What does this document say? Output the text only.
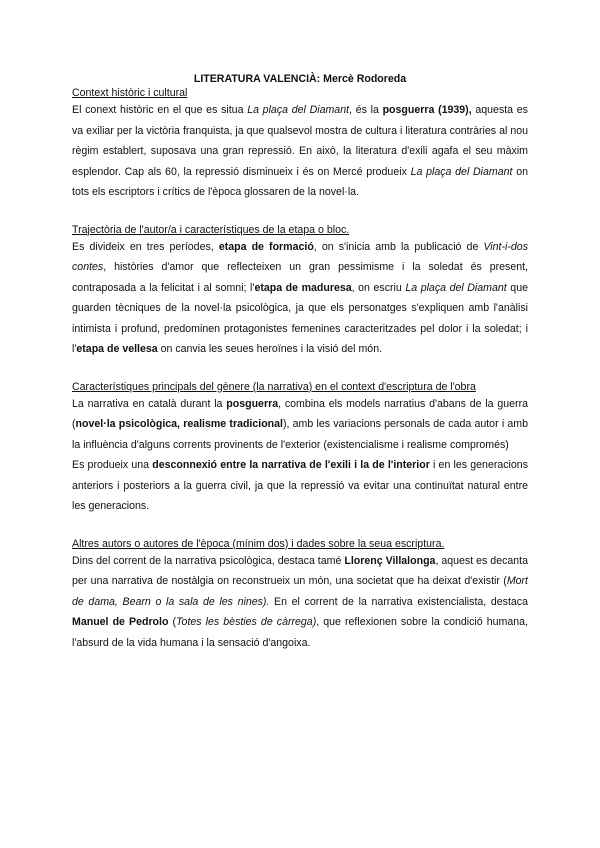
LITERATURA VALENCIÀ: Mercè Rodoreda

Context històric i cultural

El conext històric en el que es situa La plaça del Diamant, és la posguerra (1939), aquesta es va exiliar per la victòria franquista, ja que qualsevol mostra de cultura i literatura contràries al nou règim establert, suposava una gran repressió. En això, la literatura d'exili agafa el seu màxim esplendor. Cap als 60, la repressió disminueix i és on Mercé produeix La plaça del Diamant on tots els escriptors i crítics de l'època glossaren de la novel·la.

Trajectòria de l'autor/a i característiques de la etapa o bloc.

Es divideix en tres períodes, etapa de formació, on s'inicia amb la publicació de Vint-i-dos contes, històries d'amor que reflecteixen un gran pessimisme i la soledat és present, contraposada a la felicitat i al somni; l'etapa de maduresa, on escriu La plaça del Diamant que guarden tècniques de la novel·la psicològica, ja que els personatges s'expliquen amb l'anàlisi intimista i profund, predominen protagonistes femenines caracteritzades pel dolor i la soledat; i l'etapa de vellesa on canvia les seues heroïnes i la visió del món.

Característiques principals del gènere (la narrativa) en el context d'escriptura de l'obra

La narrativa en català durant la posguerra, combina els models narratius d'abans de la guerra (novel·la psicològica, realisme tradicional), amb les variacions personals de cada autor i amb la influència d'alguns corrents provinents de l'exterior (existencialisme i realisme compromés)

Es produeix una desconnexió entre la narrativa de l'exili i la de l'interior i en les generacions anteriors i posteriors a la guerra civil, ja que la repressió va evitar una continuïtat natural entre les generacions.

Altres autors o autores de l'època (mínim dos) i dades sobre la seua escriptura.

Dins del corrent de la narrativa psicològica, destaca tamé Llorenç Villalonga, aquest es decanta per una narrativa de nostàlgia on reconstrueix un món, una societat que ha deixat d'existir (Mort de dama, Bearn o la sala de les nines). En el corrent de la narrativa existencialista, destaca Manuel de Pedrolo (Totes les bèsties de càrrega), que reflexionen sobre la condició humana, l'absurd de la vida humana i la sensació d'angoixa.
